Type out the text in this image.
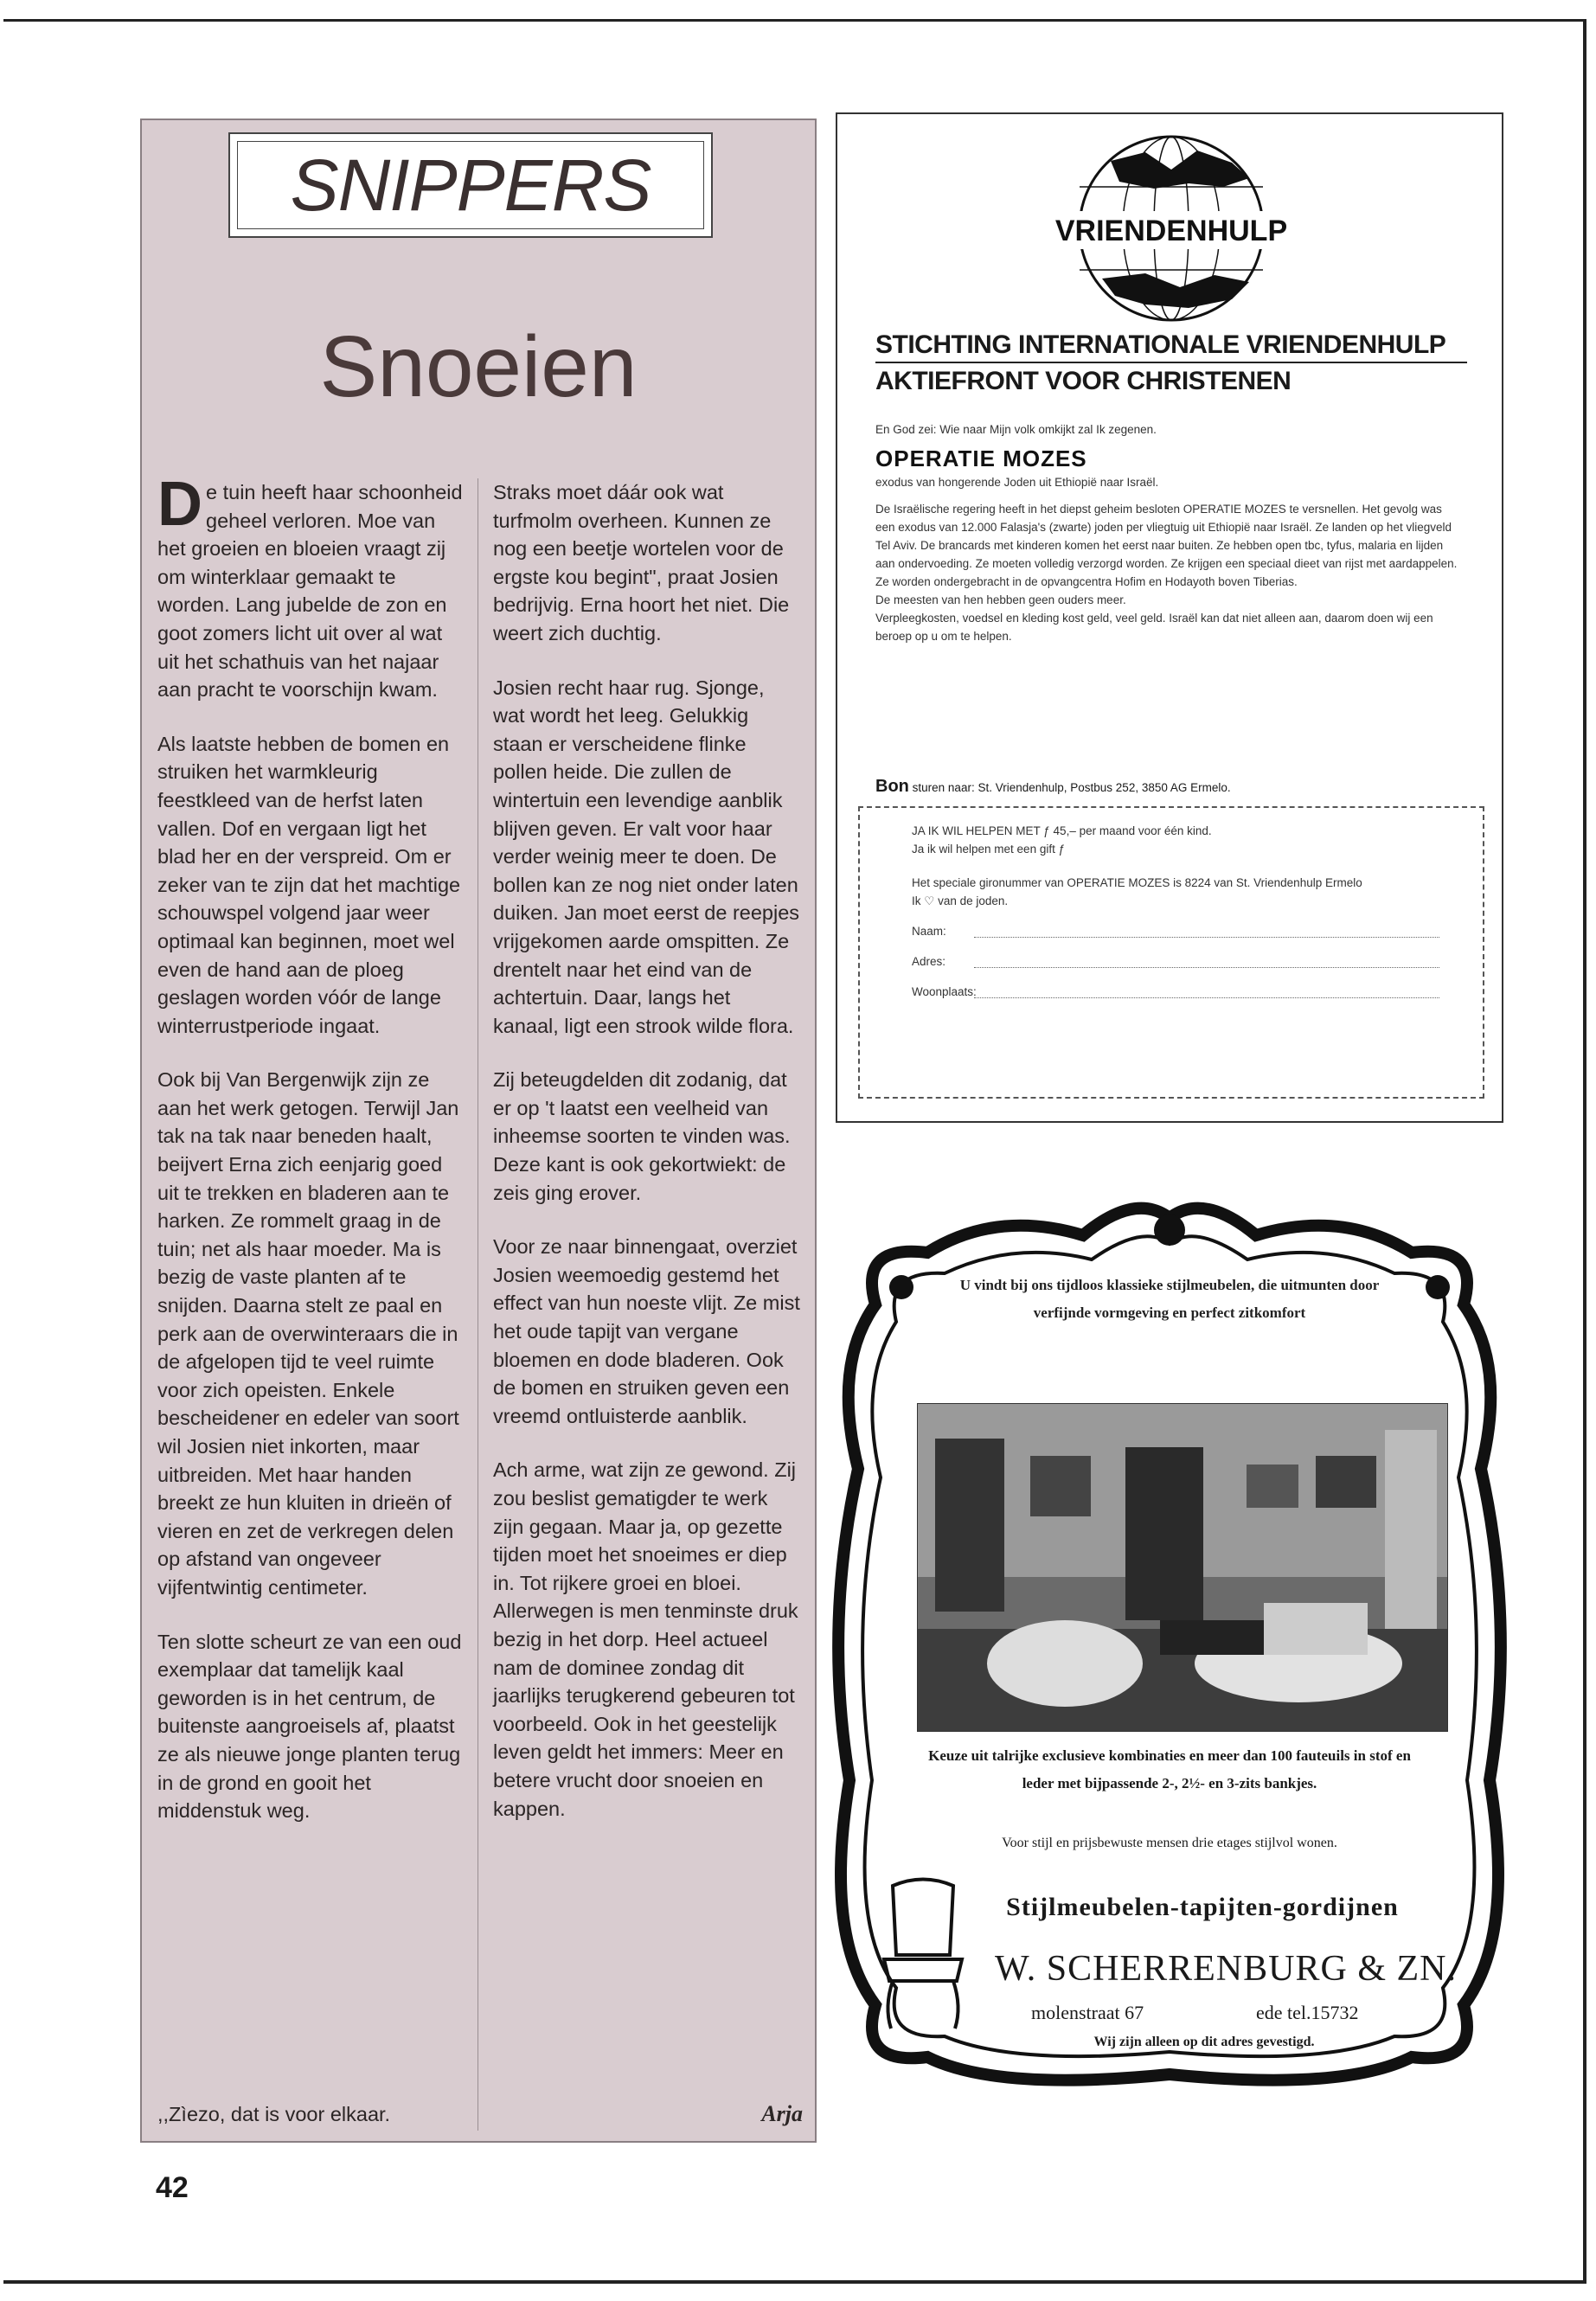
SNIPPERS
Snoeien

De tuin heeft haar schoonheid geheel verloren. Moe van het groeien en bloeien vraagt zij om winterklaar gemaakt te worden. Lang jubelde de zon en goot zomers licht uit over al wat uit het schathuis van het najaar aan pracht te voorschijn kwam.

Als laatste hebben de bomen en struiken het warmkleurig feestkleed van de herfst laten vallen. Dof en vergaan ligt het blad her en der verspreid. Om er zeker van te zijn dat het machtige schouwspel volgend jaar weer optimaal kan beginnen, moet wel even de hand aan de ploeg geslagen worden vóór de lange winterrustperiode ingaat.

Ook bij Van Bergenwijk zijn ze aan het werk getogen. Terwijl Jan tak na tak naar beneden haalt, beijvert Erna zich eenjarig goed uit te trekken en bladeren aan te harken. Ze rommelt graag in de tuin; net als haar moeder. Ma is bezig de vaste planten af te snijden. Daarna stelt ze paal en perk aan de overwinteraars die in de afgelopen tijd te veel ruimte voor zich opeisten. Enkele bescheidener en edeler van soort wil Josien niet inkorten, maar uitbreiden. Met haar handen breekt ze hun kluiten in drieën of vieren en zet de verkregen delen op afstand van ongeveer vijfentwintig centimeter.

Ten slotte scheurt ze van een oud exemplaar dat tamelijk kaal geworden is in het centrum, de buitenste aangroeisels af, plaatst ze als nieuwe jonge planten terug in de grond en gooit het middenstuk weg.

Straks moet dáár ook wat turfmolm overheen. Kunnen ze nog een beetje wortelen voor de ergste kou begint", praat Josien bedrijvig. Erna hoort het niet. Die weert zich duchtig.

Josien recht haar rug. Sjonge, wat wordt het leeg. Gelukkig staan er verscheidene flinke pollen heide. Die zullen de wintertuin een levendige aanblik blijven geven. Er valt voor haar verder weinig meer te doen. De bollen kan ze nog niet onder laten duiken. Jan moet eerst de reepjes vrijgekomen aarde omspitten. Ze drentelt naar het eind van de achtertuin. Daar, langs het kanaal, ligt een strook wilde flora.

Zij beteugdelden dit zodanig, dat er op 't laatst een veelheid van inheemse soorten te vinden was. Deze kant is ook gekortwiekt: de zeis ging erover.

Voor ze naar binnengaat, overziet Josien weemoedig gestemd het effect van hun noeste vlijt. Ze mist het oude tapijt van vergane bloemen en dode bladeren. Ook de bomen en struiken geven een vreemd ontluisterde aanblik.

Ach arme, wat zijn ze gewond. Zij zou beslist gematigder te werk zijn gegaan. Maar ja, op gezette tijden moet het snoeimes er diep in. Tot rijkere groei en bloei. Allerwegen is men tenminste druk bezig in het dorp. Heel actueel nam de dominee zondag dit jaarlijks terugkerend gebeuren tot voorbeeld. Ook in het geestelijk leven geldt het immers: Meer en betere vrucht door snoeien en kappen.

,,Zìezo, dat is voor elkaar.	Arja
42
VRIENDENHULP
STICHTING INTERNATIONALE VRIENDENHULP
AKTIEFRONT VOOR CHRISTENEN

En God zei: Wie naar Mijn volk omkijkt zal Ik zegenen.

OPERATIE MOZES

exodus van hongerende Joden uit Ethiopië naar Israël.

De Israëlische regering heeft in het diepst geheim besloten OPERATIE MOZES te versnellen. Het gevolg was een exodus van 12.000 Falasja's (zwarte) joden per vliegtuig uit Ethiopië naar Israël. Ze landen op het vliegveld Tel Aviv. De brancards met kinderen komen het eerst naar buiten. Ze hebben open tbc, tyfus, malaria en lijden aan ondervoeding. Ze moeten volledig verzorgd worden. Ze krijgen een speciaal dieet van rijst met aardappelen. Ze worden ondergebracht in de opvangcentra Hofim en Hodayoth boven Tiberias.

De meesten van hen hebben geen ouders meer.

Verpleegkosten, voedsel en kleding kost geld, veel geld. Israël kan dat niet alleen aan, daarom doen wij een beroep op u om te helpen.

Bon sturen naar: St. Vriendenhulp, Postbus 252, 3850 AG Ermelo.

JA IK WIL HELPEN MET ƒ 45,– per maand voor één kind.

Ja ik wil helpen met een gift ƒ

Het speciale gironummer van OPERATIE MOZES is 8224 van St. Vriendenhulp Ermelo

Ik ♡ van de joden.

Naam:
Adres:
Woonplaats:
U vindt bij ons tijdloos klassieke stijlmeubelen, die uitmunten door verfijnde vormgeving en perfect zitkomfort
Keuze uit talrijke exclusieve kombinaties en meer dan 100 fauteuils in stof en leder met bijpassende 2-, 2½- en 3-zits bankjes.
Voor stijl en prijsbewuste mensen drie etages stijlvol wonen.
Stijlmeubelen-tapijten-gordijnen
W. SCHERRENBURG & ZN.
molenstraat 67	ede tel.15732
Wij zijn alleen op dit adres gevestigd.
